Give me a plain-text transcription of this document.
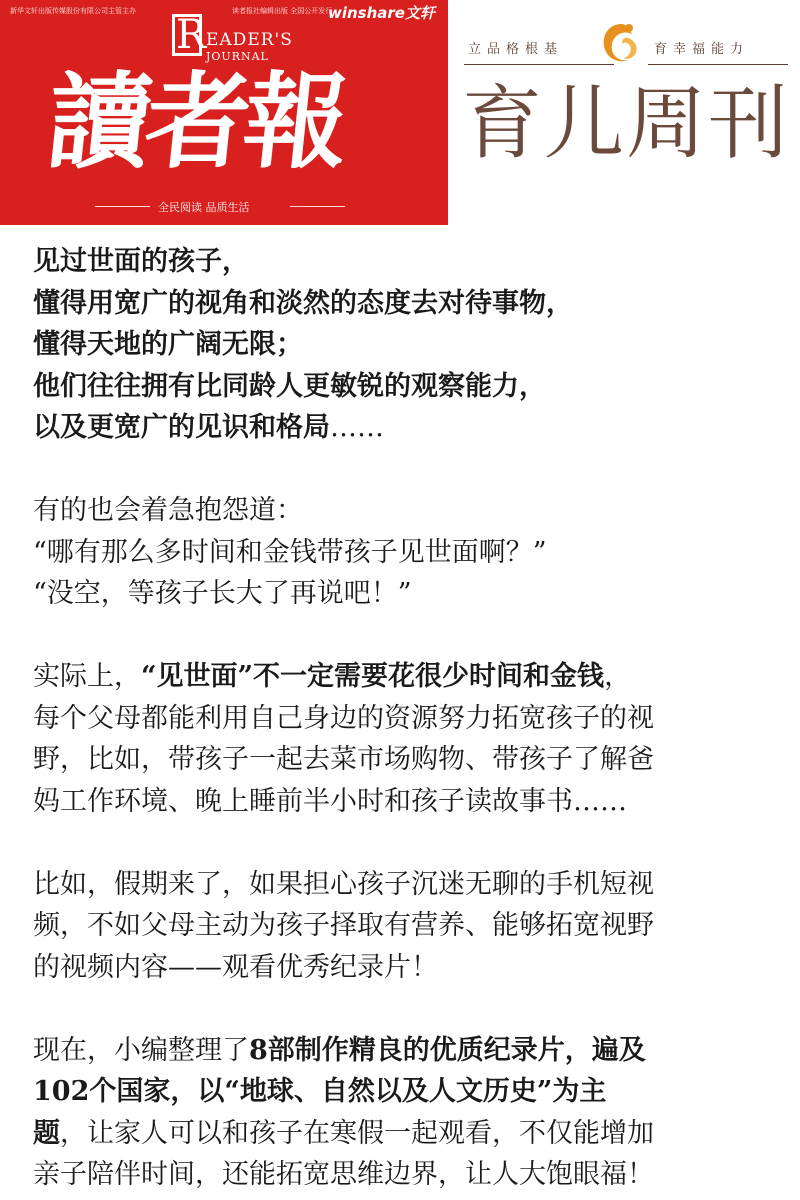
新华文轩出版传媒股份有限公司主管主办	读者报社编辑出版 全国公开发行
winshare文轩
R EADER'S
JOURNAL
讀者報
全民阅读 品质生活
立品格根基	育幸福能力
育儿周刊
见过世面的孩子，
懂得用宽广的视角和淡然的态度去对待事物，
懂得天地的广阔无限；
他们往往拥有比同龄人更敏锐的观察能力，
以及更宽广的见识和格局……
有的也会着急抱怨道：
“哪有那么多时间和金钱带孩子见世面啊？”
“没空，等孩子长大了再说吧！”
实际上，“见世面”不一定需要花很少时间和金钱，
每个父母都能利用自己身边的资源努力拓宽孩子的视
野，比如，带孩子一起去菜市场购物、带孩子了解爸
妈工作环境、晚上睡前半小时和孩子读故事书……
比如，假期来了，如果担心孩子沉迷无聊的手机短视
频，不如父母主动为孩子择取有营养、能够拓宽视野
的视频内容——观看优秀纪录片！
现在，小编整理了8部制作精良的优质纪录片，遍及
102个国家，以“地球、自然以及人文历史”为主
题，让家人可以和孩子在寒假一起观看，不仅能增加
亲子陪伴时间，还能拓宽思维边界，让人大饱眼福！
